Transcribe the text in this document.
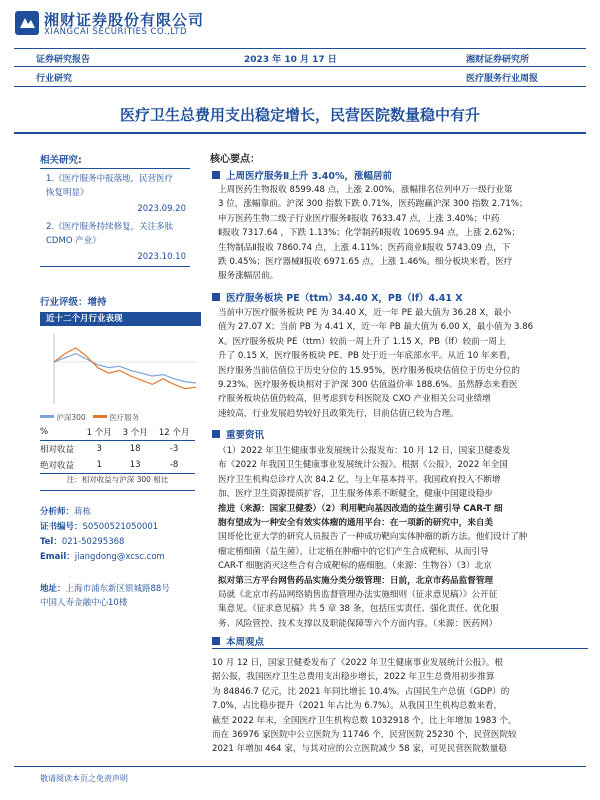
湘财证券股份有限公司
XIANGCAI SECURITIES CO.,LTD
证券研究报告	2023 年 10 月 17 日	湘财证券研究所
行业研究	医疗服务行业周报
医疗卫生总费用支出稳定增长，民营医院数量稳中有升
相关研究:
1.《医疗服务中报落地，民营医疗
恢复明显》
2023.09.20
2.《医疗服务持续修复，关注多肽
CDMO 产业》
2023.10.10
行业评级：增持
近十二个月行业表现
沪深300	医疗服务
%	1 个月	3 个月	12 个月
相对收益	3	18	-3
绝对收益	1	13	-8
注：相对收益与沪深 300 相比
分析师：蒋栋
证书编号：S0500521050001
Tel：021-50295368
Email：jiangdong@xcsc.com
地址：上海市浦东新区银城路88号
中国人寿金融中心10楼
核心要点：
上周医疗服务Ⅱ上升 3.40%，涨幅居前

上周医药生物报收 8599.48 点，上涨 2.00%，涨幅排名位列申万一级行业第

3 位，涨幅靠前。沪深 300 指数下跌 0.71%，医药跑赢沪深 300 指数 2.71%；

申万医药生物二级子行业医疗服务Ⅱ报收 7633.47 点，上涨 3.40%；中药

Ⅱ报收 7317.64 ，下跌 1.13%；化学制药Ⅱ报收 10695.94 点，上涨 2.62%；

生物制品Ⅱ报收 7860.74 点，上涨 4.11%；医药商业Ⅱ报收 5743.09 点，下

跌 0.45%；医疗器械Ⅱ报收 6971.65 点，上涨 1.46%。细分板块来看，医疗

服务涨幅居前。

医疗服务板块 PE（ttm）34.40 X，PB（lf）4.41 X

当前申万医疗服务板块 PE 为 34.40 X，近一年 PE 最大值为 36.28 X，最小

值为 27.07 X；当前 PB 为 4.41 X，近一年 PB 最大值为 6.00 X，最小值为 3.86

X。医疗服务板块 PE（ttm）较前一周上升了 1.15 X，PB（lf）较前一周上

升了 0.15 X，医疗服务板块 PE、PB 处于近一年底部水平。从近 10 年来看，

医疗服务当前估值位于历史分位的 15.95%，医疗服务板块估值位于历史分位的

9.23%。医疗服务板块相对于沪深 300 估值溢价率 188.6%。虽然静态来看医

疗服务板块估值仍较高，但考虑到专科医院及 CXO 产业相关公司业绩增

速较高，行业发展趋势较好且政策先行，目前估值已较为合理。

重要资讯

（1）2022 年卫生健康事业发展统计公报发布：10 月 12 日，国家卫健委发

布《2022 年我国卫生健康事业发展统计公报》。根据《公报》，2022 年全国

医疗卫生机构总诊疗人次 84.2 亿，与上年基本持平。我国政府投入不断增

加，医疗卫生资源提质扩容，卫生服务体系不断健全，健康中国建设稳步

推进（来源：国家卫健委）（2）利用靶向基因改造的益生菌引导 CAR-T 细

胞有望成为一种安全有效实体瘤的通用平台：在一项新的研究中，来自美

国哥伦比亚大学的研究人员报告了一种成功靶向实体肿瘤的新方法。他们设计了肿

瘤定植细菌（益生菌），让定植在肿瘤中的它们产生合成靶标，从而引导

CAR-T 细胞消灭这些合有合成靶标的癌细胞。（来源：生物谷）（3）北京

拟对第三方平台网售药品实施分类分级管理：日前，北京市药品监督管理

局就《北京市药品网络销售监督管理办法实施细则（征求意见稿）》公开征

集意见。《征求意见稿》共 5 章 38 条，包括压实责任、强化责任、优化服

务、风险管控、技术支撑以及职能保障等六个方面内容。（来源：医药网）

本周观点

10 月 12 日，国家卫健委发布了《2022 年卫生健康事业发展统计公报》。根

据公报，我国医疗卫生总费用支出稳步增长，2022 年卫生总费用初步推算

为 84846.7 亿元，比 2021 年同比增长 10.4%。占国民生产总值（GDP）的

7.0%，占比稳步提升（2021 年占比为 6.7%）。从我国卫生机构总数来看，

截至 2022 年末，全国医疗卫生机构总数 1032918 个，比上年增加 1983 个。

而在 36976 家医院中公立医院为 11746 个，民营医院 25230 个，民营医院较

2021 年增加 464 家，与其对应的公立医院减少 58 家，可见民营医院数量稳

敬请阅读本页之免责声明
